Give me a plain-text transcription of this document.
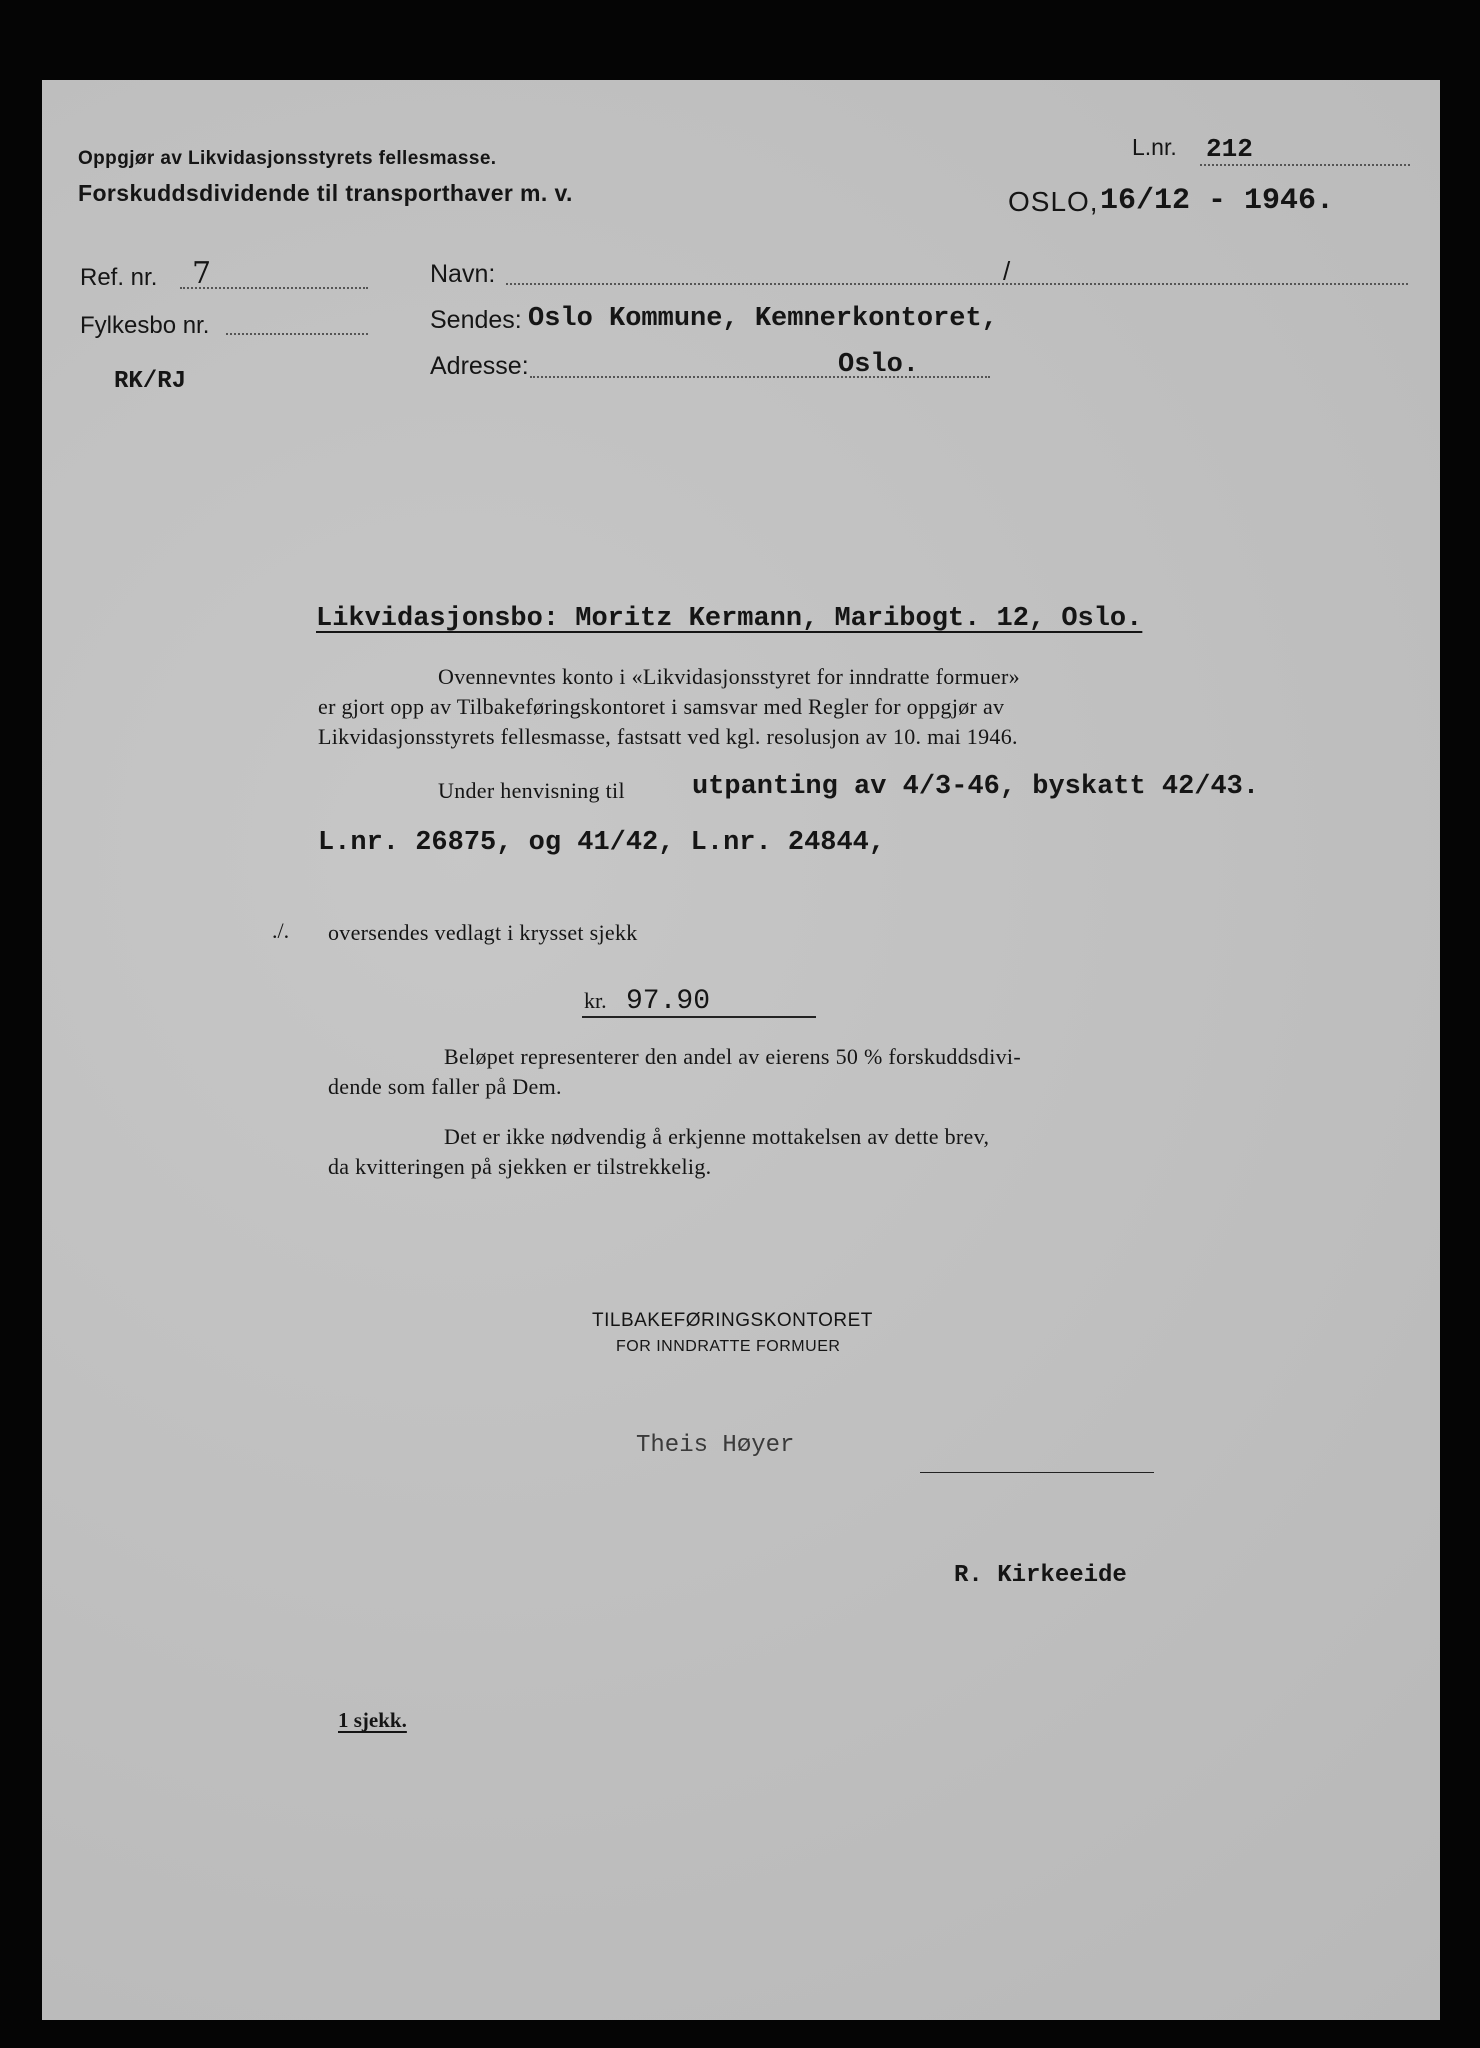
Oppgjør av Likvidasjonsstyrets fellesmasse.
Forskuddsdividende til transporthaver m. v.
L.nr. 212
OSLO, 16/12 - 1946.
Ref. nr. 7
Fylkesbo nr.
RK/RJ
Navn:	/
Sendes: Oslo Kommune, Kemnerkontoret,
Adresse:	Oslo.
Likvidasjonsbo: Moritz Kermann, Maribogt. 12, Oslo.
Ovennevntes konto i «Likvidasjonsstyret for inndratte formuer»
er gjort opp av Tilbakeføringskontoret i samsvar med Regler for oppgjør av
Likvidasjonsstyrets fellesmasse, fastsatt ved kgl. resolusjon av 10. mai 1946.
Under henvisning til utpanting av 4/3-46, byskatt 42/43.
L.nr. 26875, og 41/42, L.nr. 24844,
./. oversendes vedlagt i krysset sjekk
kr. 97.90
Beløpet representerer den andel av eierens 50 % forskuddsdivi-
dende som faller på Dem.
Det er ikke nødvendig å erkjenne mottakelsen av dette brev,
da kvitteringen på sjekken er tilstrekkelig.
TILBAKEFØRINGSKONTORET
FOR INNDRATTE FORMUER
Theis Høyer
R. Kirkeeide
1 sjekk.
